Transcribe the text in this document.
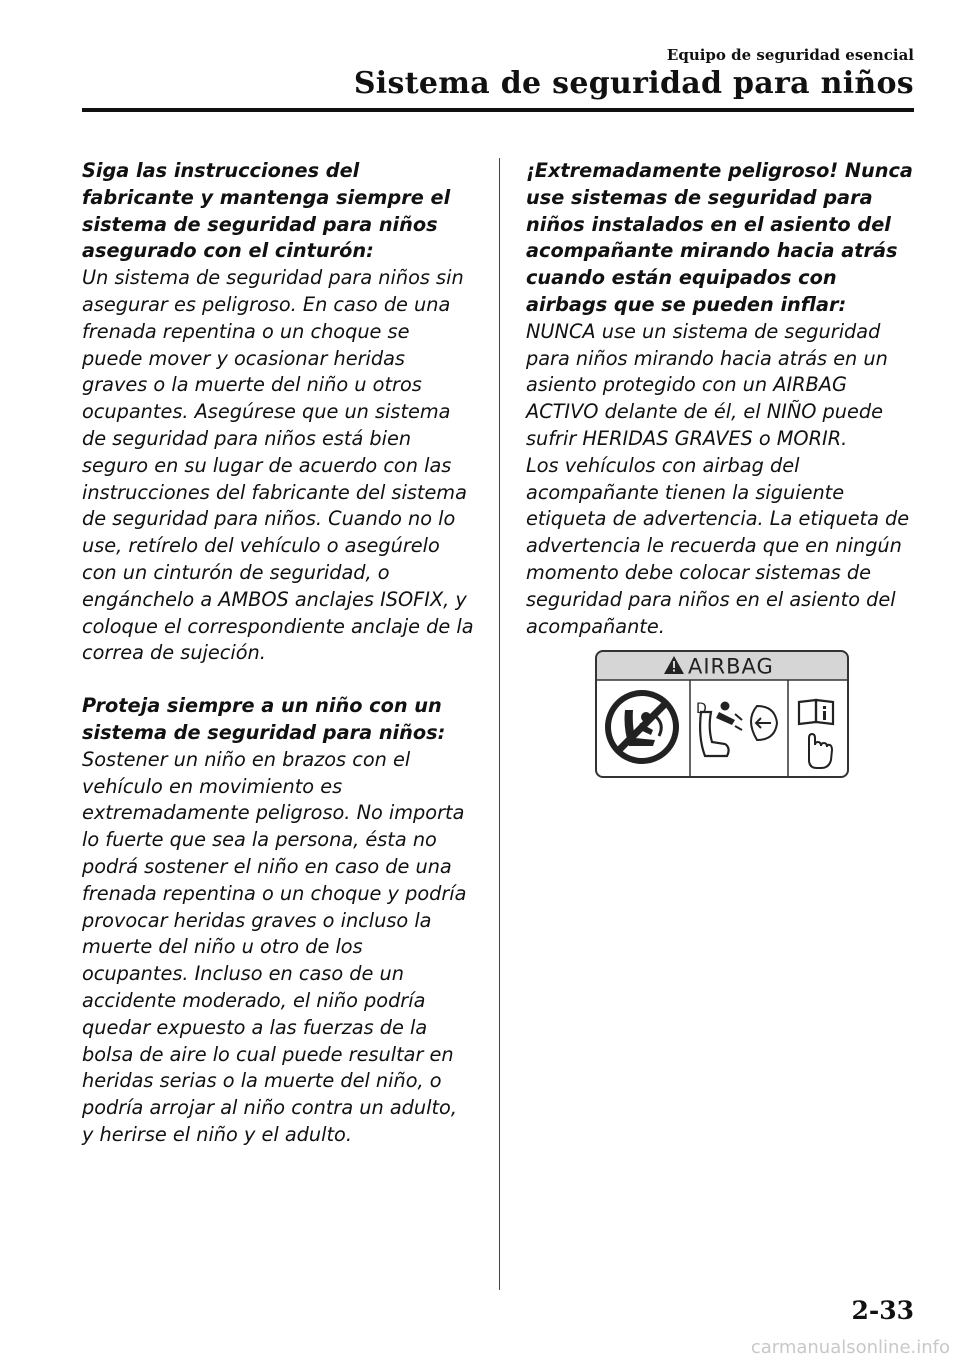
Equipo de seguridad esencial
Sistema de seguridad para niños

Siga las instrucciones del fabricante y mantenga siempre el sistema de seguridad para niños asegurado con el cinturón:

Un sistema de seguridad para niños sin asegurar es peligroso. En caso de una frenada repentina o un choque se puede mover y ocasionar heridas graves o la muerte del niño u otros ocupantes. Asegúrese que un sistema de seguridad para niños está bien seguro en su lugar de acuerdo con las instrucciones del fabricante del sistema de seguridad para niños. Cuando no lo use, retírelo del vehículo o asegúrelo con un cinturón de seguridad, o engánchelo a AMBOS anclajes ISOFIX, y coloque el correspondiente anclaje de la correa de sujeción.

Proteja siempre a un niño con un sistema de seguridad para niños:

Sostener un niño en brazos con el vehículo en movimiento es extremadamente peligroso. No importa lo fuerte que sea la persona, ésta no podrá sostener el niño en caso de una frenada repentina o un choque y podría provocar heridas graves o incluso la muerte del niño u otro de los ocupantes. Incluso en caso de un accidente moderado, el niño podría quedar expuesto a las fuerzas de la bolsa de aire lo cual puede resultar en heridas serias o la muerte del niño, o podría arrojar al niño contra un adulto, y herirse el niño y el adulto.

¡Extremadamente peligroso! Nunca use sistemas de seguridad para niños instalados en el asiento del acompañante mirando hacia atrás cuando están equipados con airbags que se pueden inflar:

NUNCA use un sistema de seguridad para niños mirando hacia atrás en un asiento protegido con un AIRBAG ACTIVO delante de él, el NIÑO puede sufrir HERIDAS GRAVES o MORIR.

Los vehículos con airbag del acompañante tienen la siguiente etiqueta de advertencia. La etiqueta de advertencia le recuerda que en ningún momento debe colocar sistemas de seguridad para niños en el asiento del acompañante.

AIRBAG
D
2-33
carmanualsonline.info
